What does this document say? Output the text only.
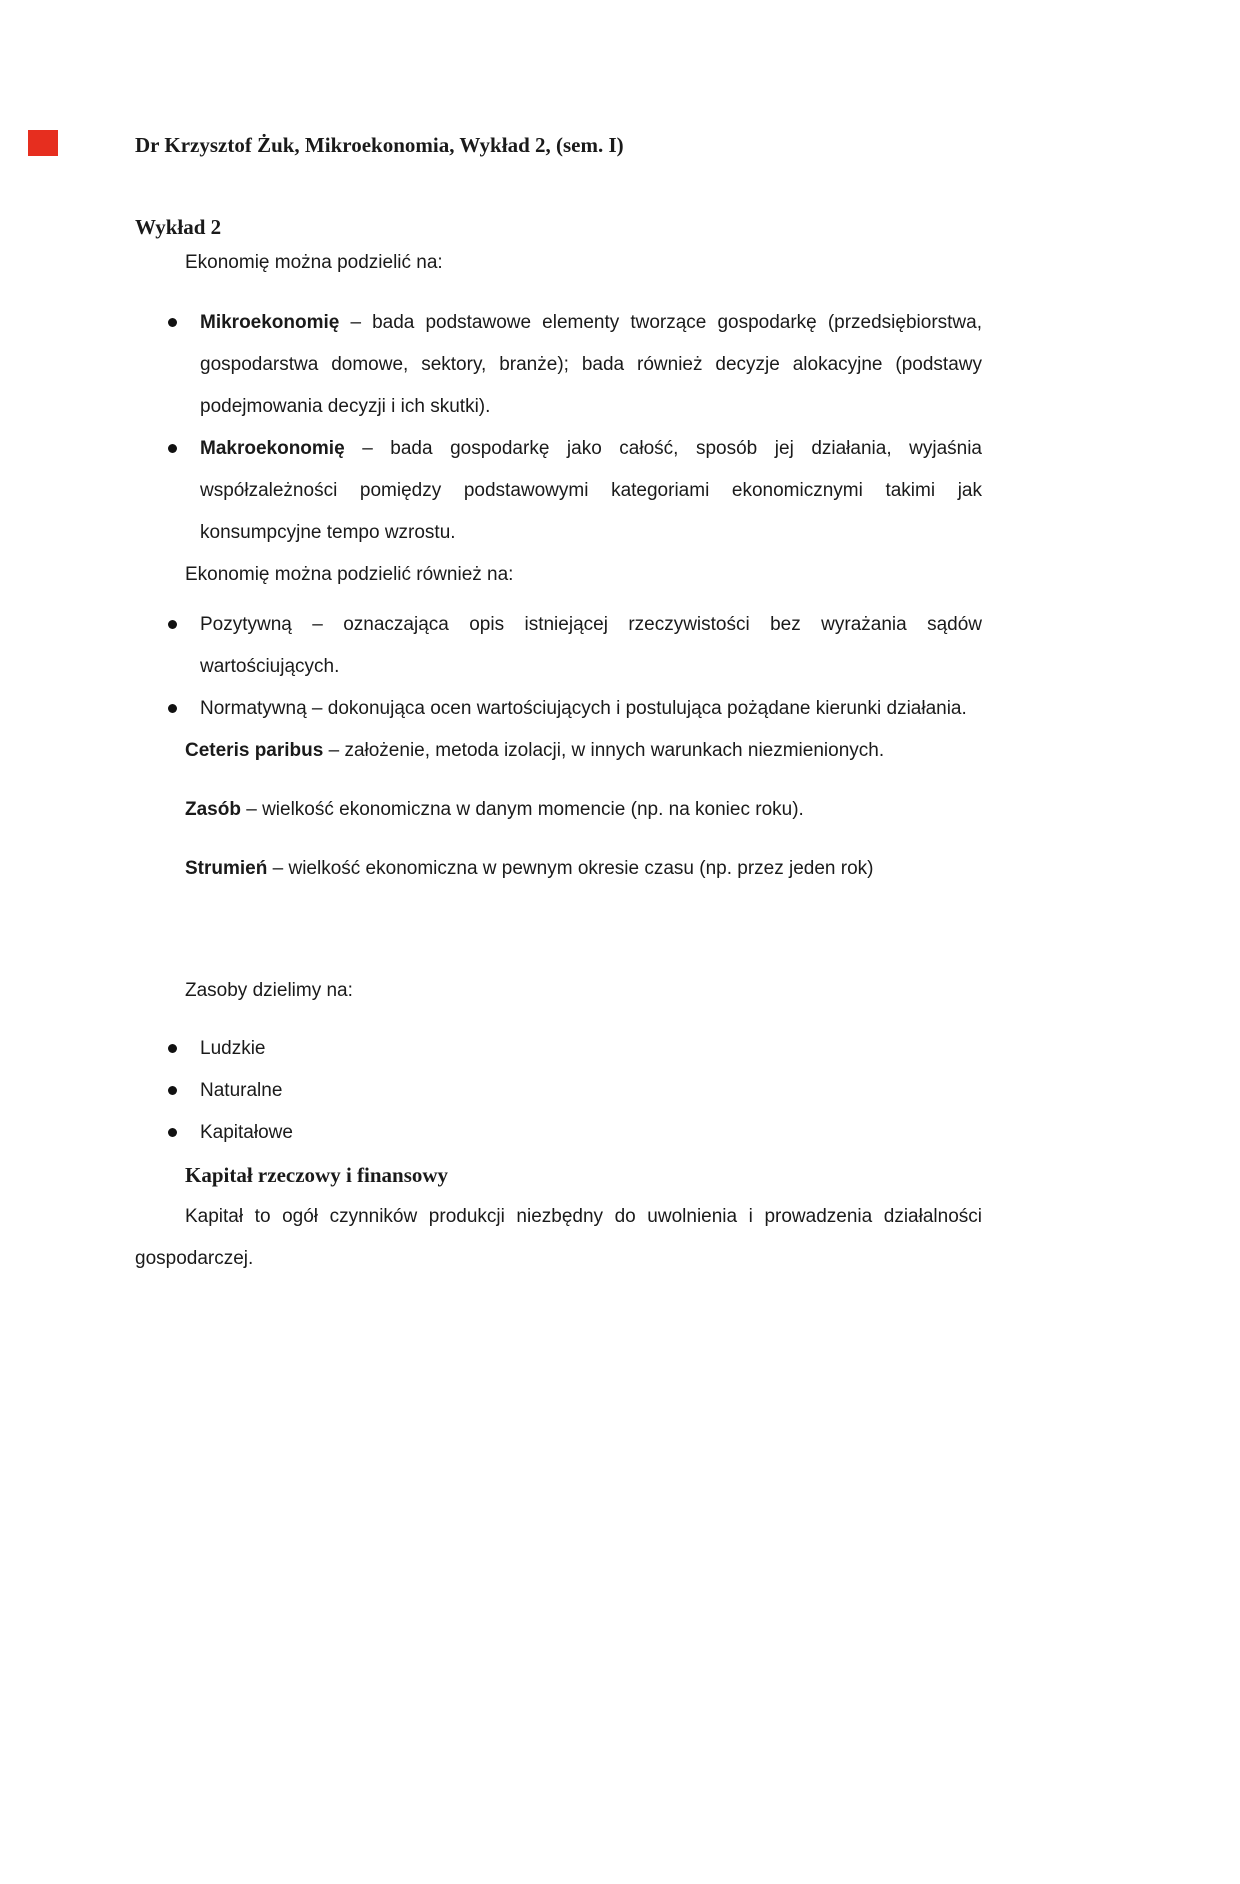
Dr Krzysztof Żuk, Mikroekonomia, Wykład 2, (sem. I)
Wykład 2
Ekonomię można podzielić na:
Mikroekonomię – bada podstawowe elementy tworzące gospodarkę (przedsiębiorstwa, gospodarstwa domowe, sektory, branże); bada również decyzje alokacyjne (podstawy podejmowania decyzji i ich skutki).
Makroekonomię – bada gospodarkę jako całość, sposób jej działania, wyjaśnia współzależności pomiędzy podstawowymi kategoriami ekonomicznymi takimi jak konsumpcyjne tempo wzrostu.
Ekonomię można podzielić również na:
Pozytywną – oznaczająca opis istniejącej rzeczywistości bez wyrażania sądów wartościujących.
Normatywną – dokonująca ocen wartościujących i postulująca pożądane kierunki działania.
Ceteris paribus – założenie, metoda izolacji, w innych warunkach niezmienionych.
Zasób – wielkość ekonomiczna w danym momencie (np. na koniec roku).
Strumień – wielkość ekonomiczna w pewnym okresie czasu (np. przez jeden rok)
Zasoby dzielimy na:
Ludzkie
Naturalne
Kapitałowe
Kapitał rzeczowy i finansowy
Kapitał to ogół czynników produkcji niezbędny do uwolnienia i prowadzenia działalności gospodarczej.
